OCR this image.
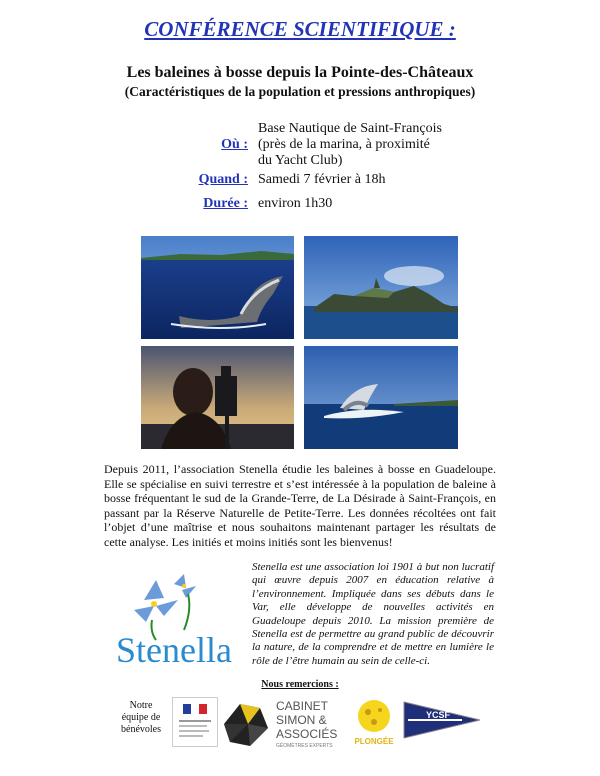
CONFÉRENCE SCIENTIFIQUE :
Les baleines à bosse depuis la Pointe-des-Châteaux
(Caractéristiques de la population et pressions anthropiques)
Où :
Base Nautique de Saint-François
(près de la marina, à proximité
du Yacht Club)
Quand : Samedi 7 février à 18h
Durée : environ 1h30
Depuis 2011, l’association Stenella étudie les baleines à bosse en Guadeloupe. Elle se spécialise en suivi terrestre et s’est intéressée à la population de baleine à bosse fréquentant le sud de la Grande-Terre, de La Désirade à Saint-François, en passant par la Réserve Naturelle de Petite-Terre. Les données récoltées ont fait l’objet d’une maîtrise et nous souhaitons maintenant partager les résultats de cette analyse. Les initiés et moins initiés sont les bienvenus!
Stenella
Stenella est une association loi 1901 à but non lucratif qui œuvre depuis 2007 en éducation relative à l’environnement. Impliquée dans ses débuts dans le Var, elle développe de nouvelles activités en Guadeloupe depuis 2010. La mission première de Stenella est de permettre au grand public de découvrir la nature, de la comprendre et de mettre en lumière le rôle de l’être humain au sein de celle-ci.
Nous remercions :
Notre
équipe de
bénévoles
CABINET
SIMON &
ASSOCIÉS
GÉOMÈTRES EXPERTS	PLONGÉE
YCSF
